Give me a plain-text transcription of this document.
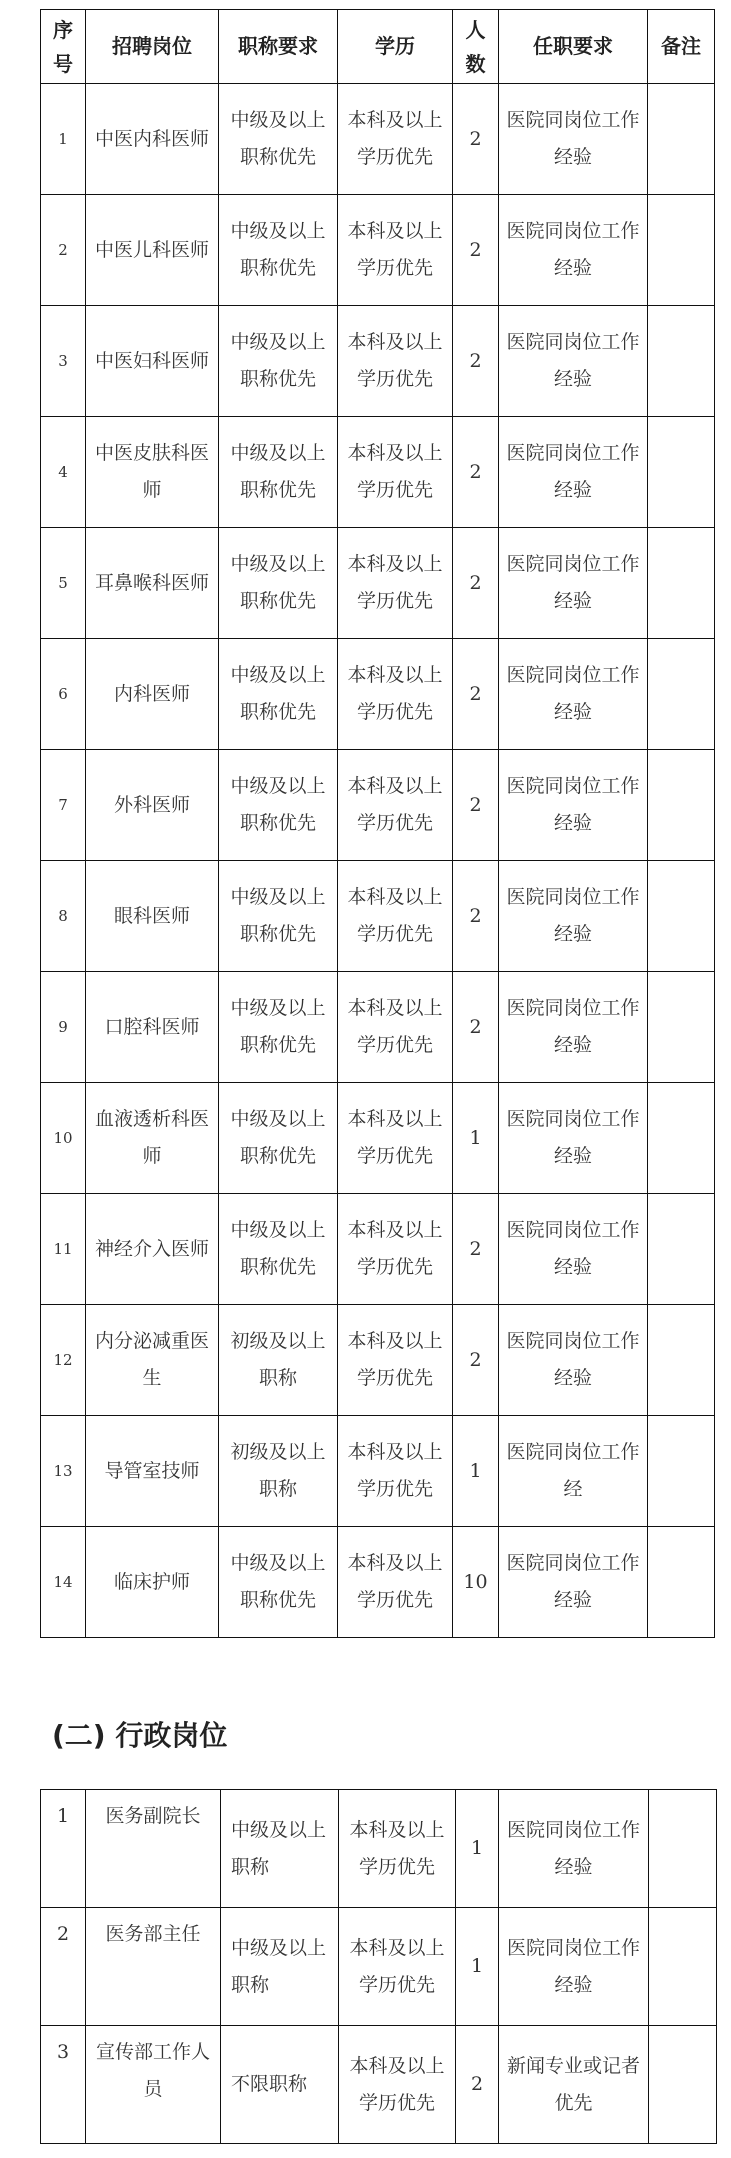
序号	招聘岗位	职称要求	学历	人数	任职要求	备注
1	中医内科医师	中级及以上职称优先	本科及以上学历优先	2	医院同岗位工作经验	
2	中医儿科医师	中级及以上职称优先	本科及以上学历优先	2	医院同岗位工作经验	
3	中医妇科医师	中级及以上职称优先	本科及以上学历优先	2	医院同岗位工作经验	
4	中医皮肤科医师	中级及以上职称优先	本科及以上学历优先	2	医院同岗位工作经验	
5	耳鼻喉科医师	中级及以上职称优先	本科及以上学历优先	2	医院同岗位工作经验	
6	内科医师	中级及以上职称优先	本科及以上学历优先	2	医院同岗位工作经验	
7	外科医师	中级及以上职称优先	本科及以上学历优先	2	医院同岗位工作经验	
8	眼科医师	中级及以上职称优先	本科及以上学历优先	2	医院同岗位工作经验	
9	口腔科医师	中级及以上职称优先	本科及以上学历优先	2	医院同岗位工作经验	
10	血液透析科医师	中级及以上职称优先	本科及以上学历优先	1	医院同岗位工作经验	
11	神经介入医师	中级及以上职称优先	本科及以上学历优先	2	医院同岗位工作经验	
12	内分泌减重医生	初级及以上职称	本科及以上学历优先	2	医院同岗位工作经验	
13	导管室技师	初级及以上职称	本科及以上学历优先	1	医院同岗位工作经	
14	临床护师	中级及以上职称优先	本科及以上学历优先	10	医院同岗位工作经验	
(二) 行政岗位
1	医务副院长	中级及以上职称	本科及以上学历优先	1	医院同岗位工作经验	
2	医务部主任	中级及以上职称	本科及以上学历优先	1	医院同岗位工作经验	
3	宣传部工作人员	不限职称	本科及以上学历优先	2	新闻专业或记者优先	
